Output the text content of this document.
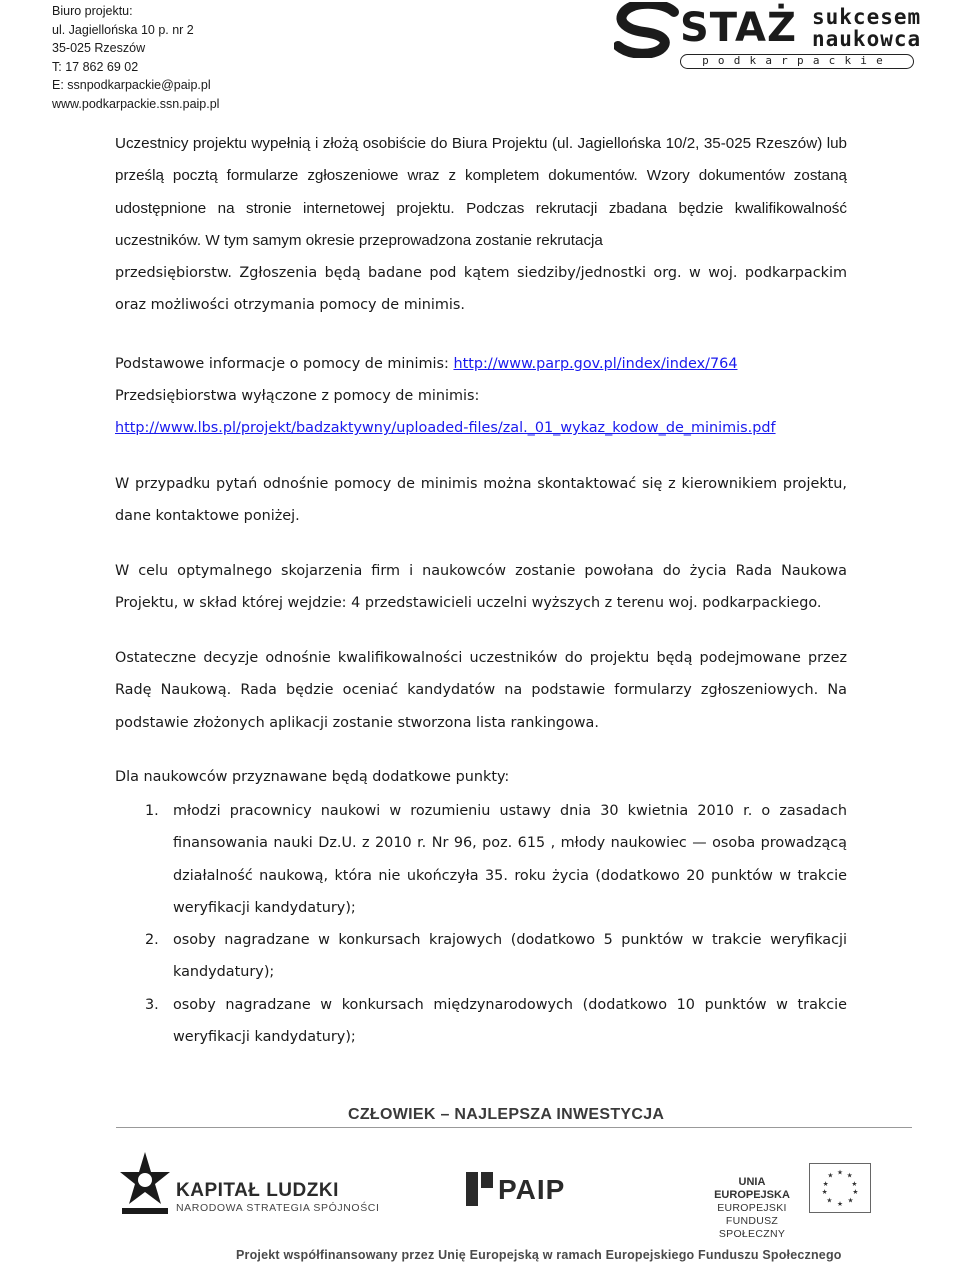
Biuro projektu:
ul. Jagiellońska 10 p. nr 2
35-025 Rzeszów
T: 17 862 69 02
E: ssnpodkarpackie@paip.pl
www.podkarpackie.ssn.paip.pl
STAŻ sukcesem
naukowca
podkarpackie
Uczestnicy projektu wypełnią i złożą osobiście do Biura Projektu (ul. Jagiellońska 10/2, 35-025 Rzeszów) lub prześlą pocztą formularze zgłoszeniowe wraz z kompletem dokumentów. Wzory dokumentów zostaną udostępnione na stronie internetowej projektu. Podczas rekrutacji zbadana będzie kwalifikowalność uczestników. W tym samym okresie przeprowadzona zostanie rekrutacja
przedsiębiorstw. Zgłoszenia będą badane pod kątem siedziby/jednostki org. w woj. podkarpackim oraz możliwości otrzymania pomocy de minimis.
Podstawowe informacje o pomocy de minimis: http://www.parp.gov.pl/index/index/764
Przedsiębiorstwa wyłączone z pomocy de minimis:
http://www.lbs.pl/projekt/badzaktywny/uploaded-files/zal._01_wykaz_kodow_de_minimis.pdf
W przypadku pytań odnośnie pomocy de minimis można skontaktować się z kierownikiem projektu, dane kontaktowe poniżej.
W celu optymalnego skojarzenia firm i naukowców zostanie powołana do życia Rada Naukowa Projektu, w skład której wejdzie: 4 przedstawicieli uczelni wyższych z terenu woj. podkarpackiego.
Ostateczne decyzje odnośnie kwalifikowalności uczestników do projektu będą podejmowane przez Radę Naukową. Rada będzie oceniać kandydatów na podstawie formularzy zgłoszeniowych. Na podstawie złożonych aplikacji zostanie stworzona lista rankingowa.
Dla naukowców przyznawane będą dodatkowe punkty:
1. młodzi pracownicy naukowi w rozumieniu ustawy dnia 30 kwietnia 2010 r. o zasadach finansowania nauki Dz.U. z 2010 r. Nr 96, poz. 615 , młody naukowiec — osoba prowadzącą działalność naukową, która nie ukończyła 35. roku życia (dodatkowo 20 punktów w trakcie weryfikacji kandydatury);
2. osoby nagradzane w konkursach krajowych (dodatkowo 5 punktów w trakcie weryfikacji kandydatury);
3. osoby nagradzane w konkursach międzynarodowych (dodatkowo 10 punktów w trakcie weryfikacji kandydatury);
CZŁOWIEK – NAJLEPSZA INWESTYCJA
KAPITAŁ LUDZKI
NARODOWA STRATEGIA SPÓJNOŚCI
PAIP	UNIA EUROPEJSKA
EUROPEJSKI
FUNDUSZ SPOŁECZNY
★ ★
★
★
★
★
★
★
★
★
Projekt współfinansowany przez Unię Europejską w ramach Europejskiego Funduszu Społecznego
